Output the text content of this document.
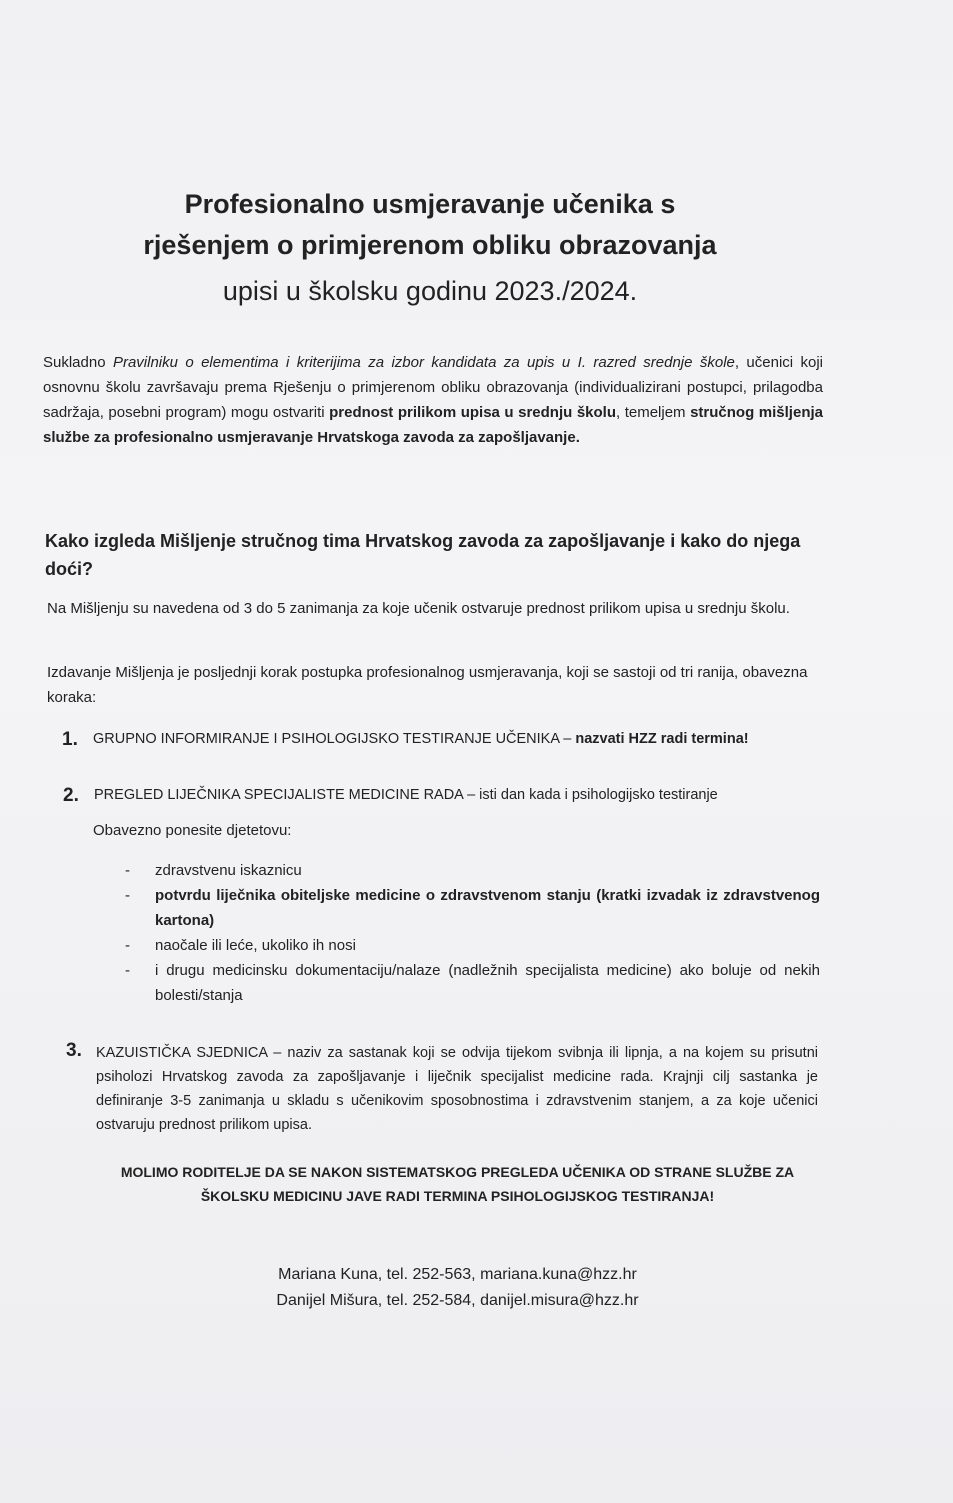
Profesionalno usmjeravanje učenika s
rješenjem o primjerenom obliku obrazovanja
upisi u školsku godinu 2023./2024.

Sukladno Pravilniku o elementima i kriterijima za izbor kandidata za upis u I. razred srednje škole, učenici koji osnovnu školu završavaju prema Rješenju o primjerenom obliku obrazovanja (individualizirani postupci, prilagodba sadržaja, posebni program) mogu ostvariti prednost prilikom upisa u srednju školu, temeljem stručnog mišljenja službe za profesionalno usmjeravanje Hrvatskoga zavoda za zapošljavanje.

Kako izgleda Mišljenje stručnog tima Hrvatskog zavoda za zapošljavanje i kako do njega doći?

Na Mišljenju su navedena od 3 do 5 zanimanja za koje učenik ostvaruje prednost prilikom upisa u srednju školu.

Izdavanje Mišljenja je posljednji korak postupka profesionalnog usmjeravanja, koji se sastoji od tri ranija, obavezna koraka:

1. GRUPNO INFORMIRANJE I PSIHOLOGIJSKO TESTIRANJE UČENIKA – nazvati HZZ radi termina!
2. PREGLED LIJEČNIKA SPECIJALISTE MEDICINE RADA – isti dan kada i psihologijsko testiranje
Obavezno ponesite djetetovu:
- zdravstvenu iskaznicu
- potvrdu liječnika obiteljske medicine o zdravstvenom stanju (kratki izvadak iz zdravstvenog kartona)
- naočale ili leće, ukoliko ih nosi
- i drugu medicinsku dokumentaciju/nalaze (nadležnih specijalista medicine) ako boluje od nekih bolesti/stanja
3. KAZUISTIČKA SJEDNICA – naziv za sastanak koji se odvija tijekom svibnja ili lipnja, a na kojem su prisutni psiholozi Hrvatskog zavoda za zapošljavanje i liječnik specijalist medicine rada. Krajnji cilj sastanka je definiranje 3-5 zanimanja u skladu s učenikovim sposobnostima i zdravstvenim stanjem, a za koje učenici ostvaruju prednost prilikom upisa.

MOLIMO RODITELJE DA SE NAKON SISTEMATSKOG PREGLEDA UČENIKA OD STRANE SLUŽBE ZA ŠKOLSKU MEDICINU JAVE RADI TERMINA PSIHOLOGIJSKOG TESTIRANJA!

Mariana Kuna, tel. 252-563, mariana.kuna@hzz.hr
Danijel Mišura, tel. 252-584, danijel.misura@hzz.hr
